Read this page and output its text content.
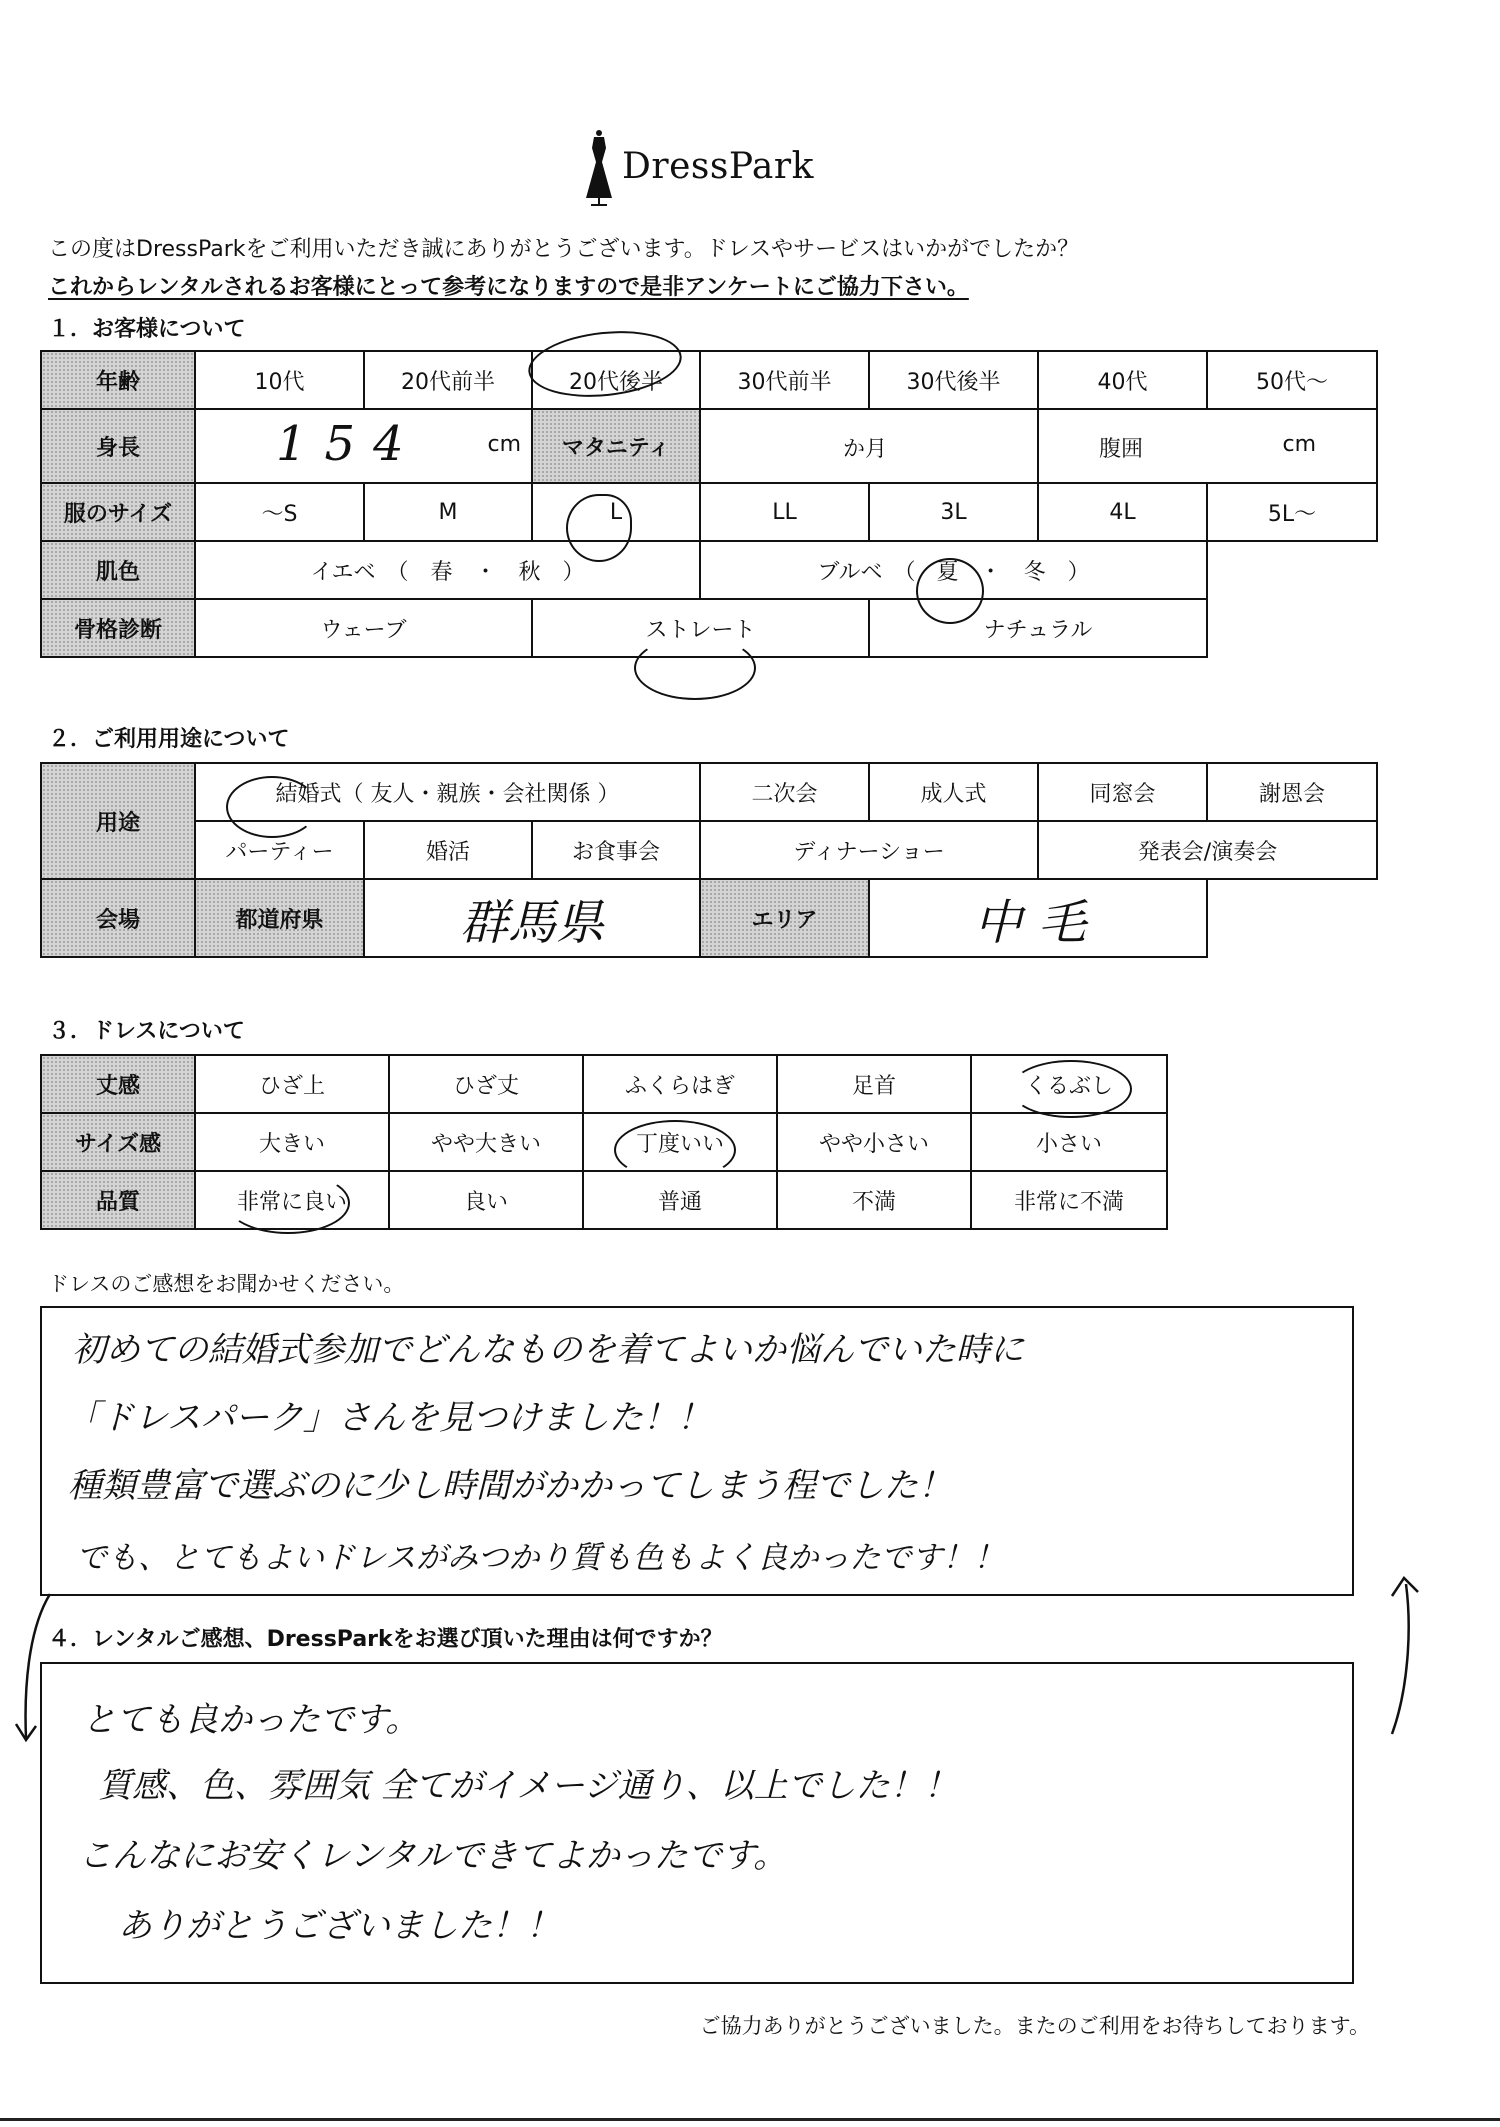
DressPark
この度はDressParkをご利用いただき誠にありがとうございます。ドレスやサービスはいかがでしたか？
これからレンタルされるお客様にとって参考になりますので是非アンケートにご協力下さい。
１．お客様について
年齢	10代	20代前半	20代後半	30代前半	30代後半	40代	50代～
身長	154 cm		マタニティ	か月		腹囲 cm	

服のサイズ	～S	M	L	LL	3L	4L	5L～
肌色	イエベ　（　春　・　秋　）			ブルベ　（ 夏 ・　冬　）			
骨格診断	ウェーブ		ストレート		ナチュラル		
２．ご利用用途について
用途	結婚式（ 友人・親族・会社関係 ）			二次会	成人式	同窓会	謝恩会
	パーティー	婚活	お食事会	ディナーショー		発表会/演奏会	
会場	都道府県	群馬県		エリア	中毛		
３．ドレスについて
丈感	ひざ上	ひざ丈	ふくらはぎ	足首	くるぶし
サイズ感	大きい	やや大きい	丁度いい	やや小さい	小さい
品質	非常に良い	良い	普通	不満	非常に不満
ドレスのご感想をお聞かせください。
初めての結婚式参加でどんなものを着てよいか悩んでいた時に
「ドレスパーク」さんを見つけました！！
種類豊富で選ぶのに少し時間がかかってしまう程でした！
でも、とてもよいドレスがみつかり質も色もよく良かったです！！
４．レンタルご感想、DressParkをお選び頂いた理由は何ですか？
とても良かったです。
質感、色、雰囲気 全てがイメージ通り、以上でした！！
こんなにお安くレンタルできてよかったです。
ありがとうございました！！
ご協力ありがとうございました。またのご利用をお待ちしております。
